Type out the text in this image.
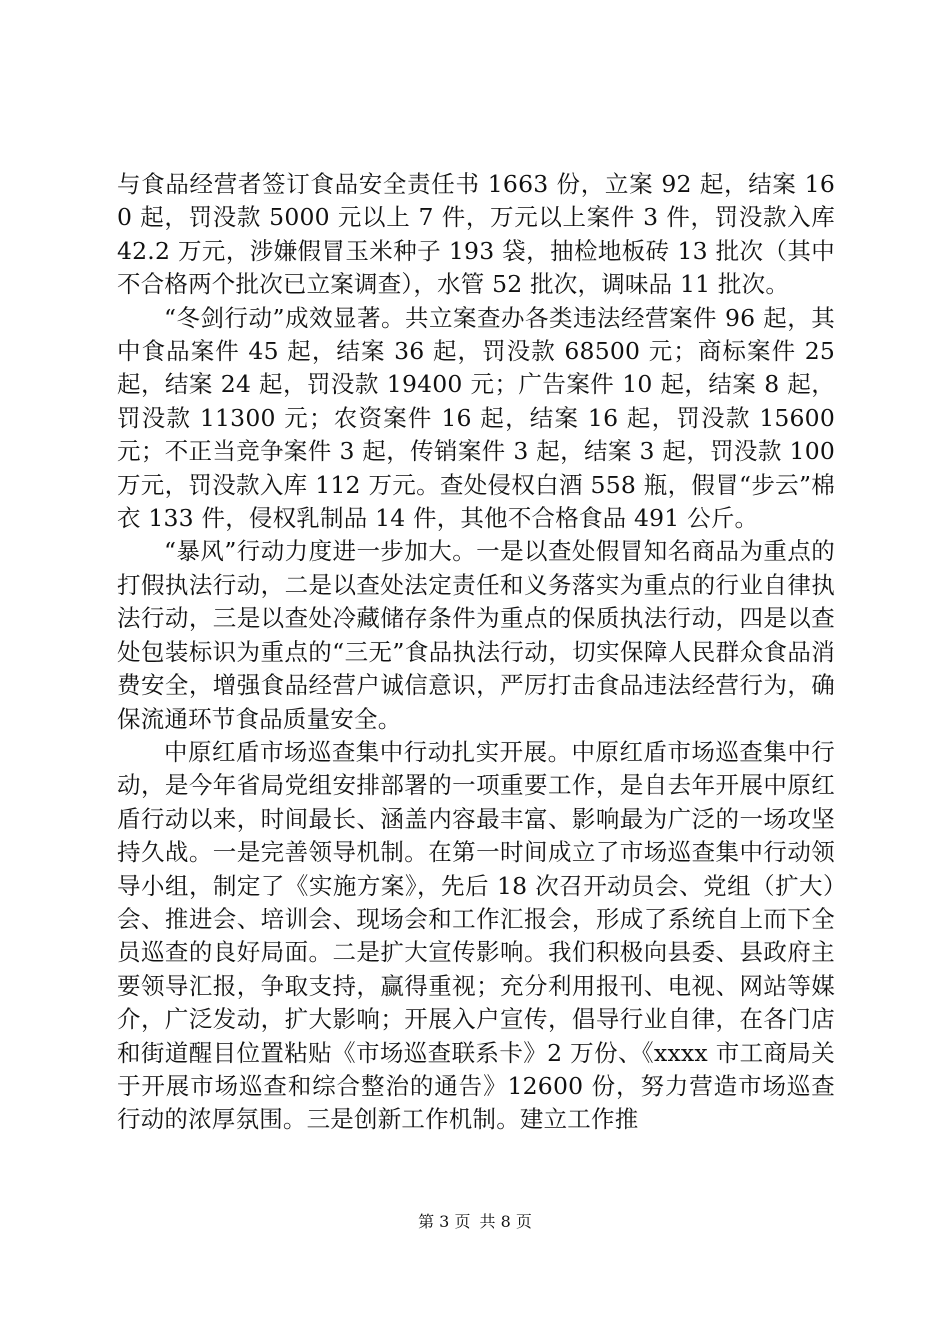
与食品经营者签订食品安全责任书 1663 份，立案 92 起，结案 160 起，罚没款 5000 元以上 7 件，万元以上案件 3 件，罚没款入库 42.2 万元，涉嫌假冒玉米种子 193 袋，抽检地板砖 13 批次（其中不合格两个批次已立案调查），水管 52 批次，调味品 11 批次。

“冬剑行动”成效显著。共立案查办各类违法经营案件 96 起，其中食品案件 45 起，结案 36 起，罚没款 68500 元；商标案件 25 起，结案 24 起，罚没款 19400 元；广告案件 10 起，结案 8 起，罚没款 11300 元；农资案件 16 起，结案 16 起，罚没款 15600 元；不正当竞争案件 3 起，传销案件 3 起，结案 3 起，罚没款 100 万元，罚没款入库 112 万元。查处侵权白酒 558 瓶，假冒“步云”棉衣 133 件，侵权乳制品 14 件，其他不合格食品 491 公斤。

“暴风”行动力度进一步加大。一是以查处假冒知名商品为重点的打假执法行动，二是以查处法定责任和义务落实为重点的行业自律执法行动，三是以查处冷藏储存条件为重点的保质执法行动，四是以查处包装标识为重点的“三无”食品执法行动，切实保障人民群众食品消费安全，增强食品经营户诚信意识，严厉打击食品违法经营行为，确保流通环节食品质量安全。

中原红盾市场巡查集中行动扎实开展。中原红盾市场巡查集中行动，是今年省局党组安排部署的一项重要工作，是自去年开展中原红盾行动以来，时间最长、涵盖内容最丰富、影响最为广泛的一场攻坚持久战。一是完善领导机制。在第一时间成立了市场巡查集中行动领导小组，制定了《实施方案》，先后 18 次召开动员会、党组（扩大）会、推进会、培训会、现场会和工作汇报会，形成了系统自上而下全员巡查的良好局面。二是扩大宣传影响。我们积极向县委、县政府主要领导汇报，争取支持，赢得重视；充分利用报刊、电视、网站等媒介，广泛发动，扩大影响；开展入户宣传，倡导行业自律，在各门店和街道醒目位置粘贴《市场巡查联系卡》2 万份、《xxxx 市工商局关于开展市场巡查和综合整治的通告》12600 份，努力营造市场巡查行动的浓厚氛围。三是创新工作机制。建立工作推

第 3 页 共 8 页
